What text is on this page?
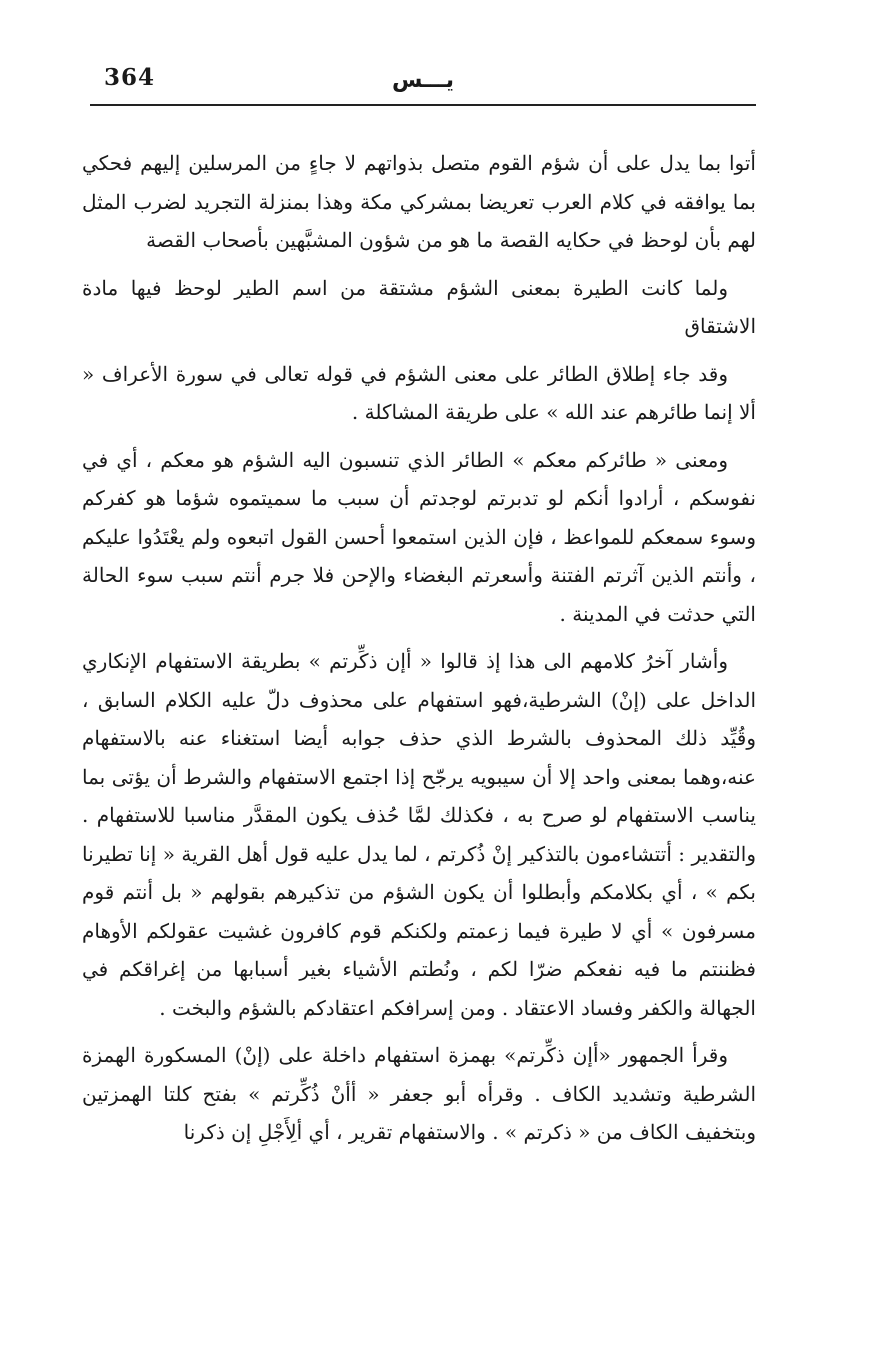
364	يـــس

أتوا بما يدل على أن شؤم القوم متصل بذواتهم لا جاءٍ من المرسلين إليهم فحكي بما يوافقه في كلام العرب تعريضا بمشركي مكة وهذا بمنزلة التجريد لضرب المثل لهم بأن لوحظ في حكايه القصة ما هو من شؤون المشبَّهين بأصحاب القصة

ولما كانت الطيرة بمعنى الشؤم مشتقة من اسم الطير لوحظ فيها مادة الاشتقاق

وقد جاء إطلاق الطائر على معنى الشؤم في قوله تعالى في سورة الأعراف « ألا إنما طائرهم عند الله » على طريقة المشاكلة .

ومعنى « طائركم معكم » الطائر الذي تنسبون اليه الشؤم هو معكم ، أي في نفوسكم ، أرادوا أنكم لو تدبرتم لوجدتم أن سبب ما سميتموه شؤما هو كفركم وسوء سمعكم للمواعظ ، فإن الذين استمعوا أحسن القول اتبعوه ولم يعْتَدُوا عليكم ، وأنتم الذين آثرتم الفتنة وأسعرتم البغضاء والإحن فلا جرم أنتم سبب سوء الحالة التي حدثت في المدينة .

وأشار آخرُ كلامهم الى هذا إذ قالوا « أإن ذكِّرتم » بطريقة الاستفهام الإنكاري الداخل على (إنْ) الشرطية،فهو استفهام على محذوف دلّ عليه الكلام السابق ، وقُيِّد ذلك المحذوف بالشرط الذي حذف جوابه أيضا استغناء عنه بالاستفهام عنه،وهما بمعنى واحد إلا أن سيبويه يرجّح إذا اجتمع الاستفهام والشرط أن يؤتى بما يناسب الاستفهام لو صرح به ، فكذلك لمَّا حُذف يكون المقدَّر مناسبا للاستفهام . والتقدير : أتتشاءمون بالتذكير إنْ ذُكرتم ، لما يدل عليه قول أهل القرية « إنا تطيرنا بكم » ، أي بكلامكم وأبطلوا أن يكون الشؤم من تذكيرهم بقولهم « بل أنتم قوم مسرفون » أي لا طيرة فيما زعمتم ولكنكم قوم كافرون غشيت عقولكم الأوهام فظننتم ما فيه نفعكم ضرّا لكم ، ونُطتم الأشياء بغير أسبابها من إغراقكم في الجهالة والكفر وفساد الاعتقاد . ومن إسرافكم اعتقادكم بالشؤم والبخت .

وقرأ الجمهور «أإن ذكِّرتم» بهمزة استفهام داخلة على (إنْ) المسكورة الهمزة الشرطية وتشديد الكاف . وقرأه أبو جعفر « أأنْ ذُكِّرتم » بفتح كلتا الهمزتين وبتخفيف الكاف من « ذكرتم » . والاستفهام تقرير ، أي ألِأَجْلِ إن ذكرنا
